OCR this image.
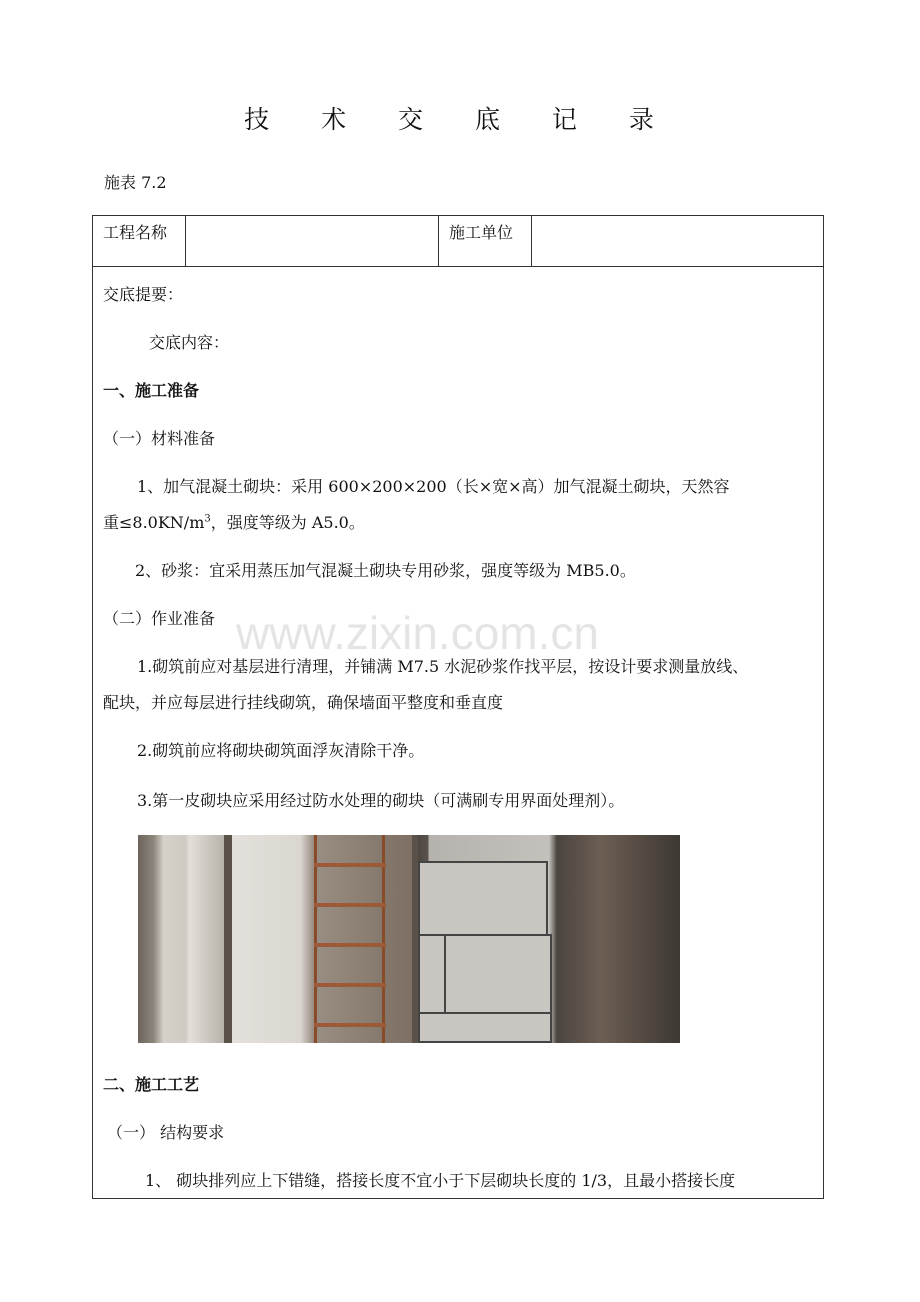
技 术 交 底 记 录
施表 7.2
工程名称	施工单位
交底提要：
交底内容：
一、施工准备
（一）材料准备
1、加气混凝土砌块：采用 600×200×200（长×宽×高）加气混凝土砌块，天然容
重$\le 8.0KN/m^3$，强度等级为 A5.0。
2、砂浆：宜采用蒸压加气混凝土砌块专用砂浆，强度等级为 MB5.0。
（二）作业准备
1.砌筑前应对基层进行清理，并铺满 M7.5 水泥砂浆作找平层，按设计要求测量放线、
配块，并应每层进行挂线砌筑，确保墙面平整度和垂直度
2.砌筑前应将砌块砌筑面浮灰清除干净。
3.第一皮砌块应采用经过防水处理的砌块（可满刷专用界面处理剂）。
二、施工工艺
（一） 结构要求
1、 砌块排列应上下错缝，搭接长度不宜小于下层砌块长度的 1/3，且最小搭接长度
www.zixin.com.cn
